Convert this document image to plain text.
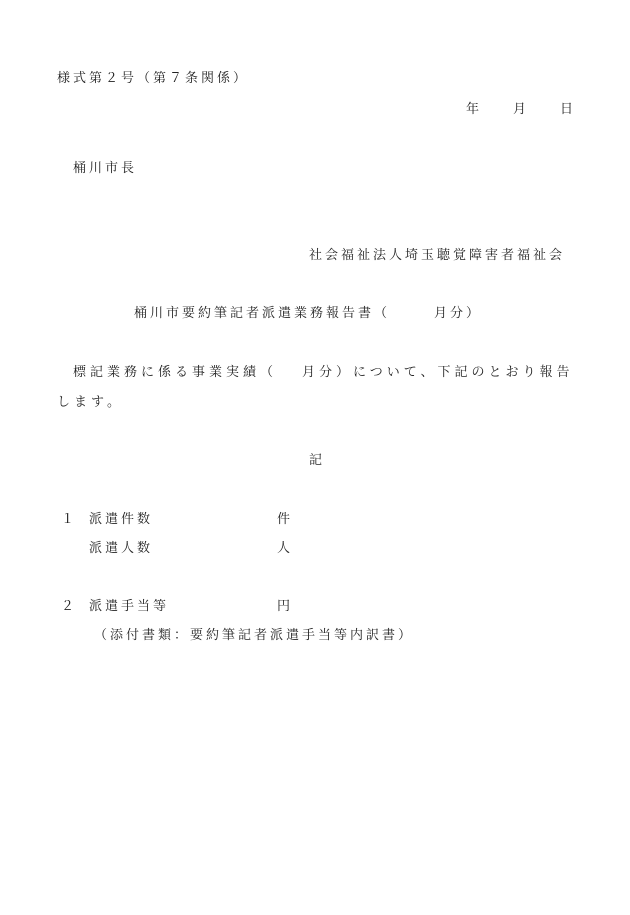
様式第２号（第７条関係）
年 月 日
桶川市長
社会福祉法人埼玉聴覚障害者福祉会
桶川市要約筆記者派遣業務報告書（	月分）
標記業務に係る事業実績（ 月分）について、下記のとおり報告
します。
記
１ 派遣件数	件
派遣人数	人
２ 派遣手当等	円
（添付書類：要約筆記者派遣手当等内訳書）
